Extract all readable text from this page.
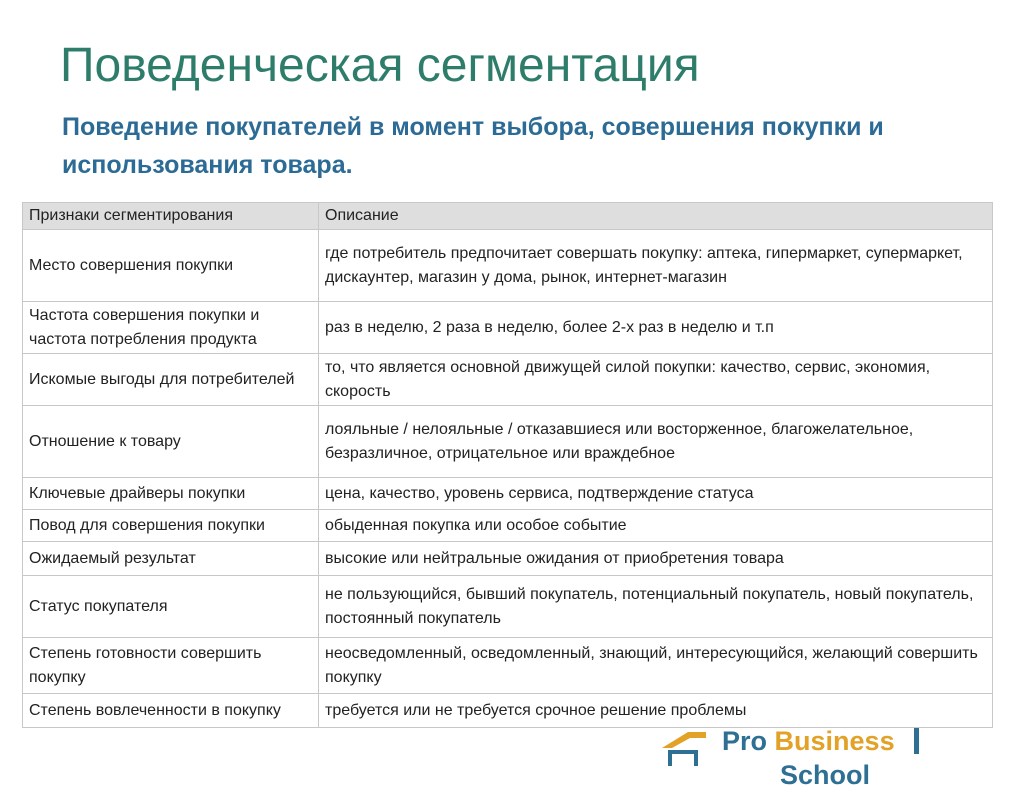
Поведенческая сегментация
Поведение покупателей в момент выбора, совершения покупки и использования товара.
Признаки сегментирования	Описание
Место совершения покупки	где потребитель предпочитает совершать покупку: аптека, гипермаркет, супермаркет, дискаунтер, магазин у дома, рынок, интернет-магазин
Частота совершения покупки и частота потребления продукта	раз в неделю, 2 раза в неделю, более 2-х раз в неделю и т.п
Искомые выгоды для потребителей	то, что является основной движущей силой покупки: качество, сервис, экономия, скорость
Отношение к товару	лояльные / нелояльные / отказавшиеся или восторженное, благожелательное, безразличное, отрицательное или враждебное
Ключевые драйверы покупки	цена, качество, уровень сервиса, подтверждение статуса
Повод для совершения покупки	обыденная покупка или особое событие
Ожидаемый результат	высокие или нейтральные ожидания от приобретения товара
Статус покупателя	не пользующийся, бывший покупатель, потенциальный покупатель, новый покупатель, постоянный покупатель
Степень готовности совершить покупку	неосведомленный, осведомленный, знающий, интересующийся, желающий совершить покупку
Степень вовлеченности в покупку	требуется или не требуется срочное решение проблемы
Pro Business
School
